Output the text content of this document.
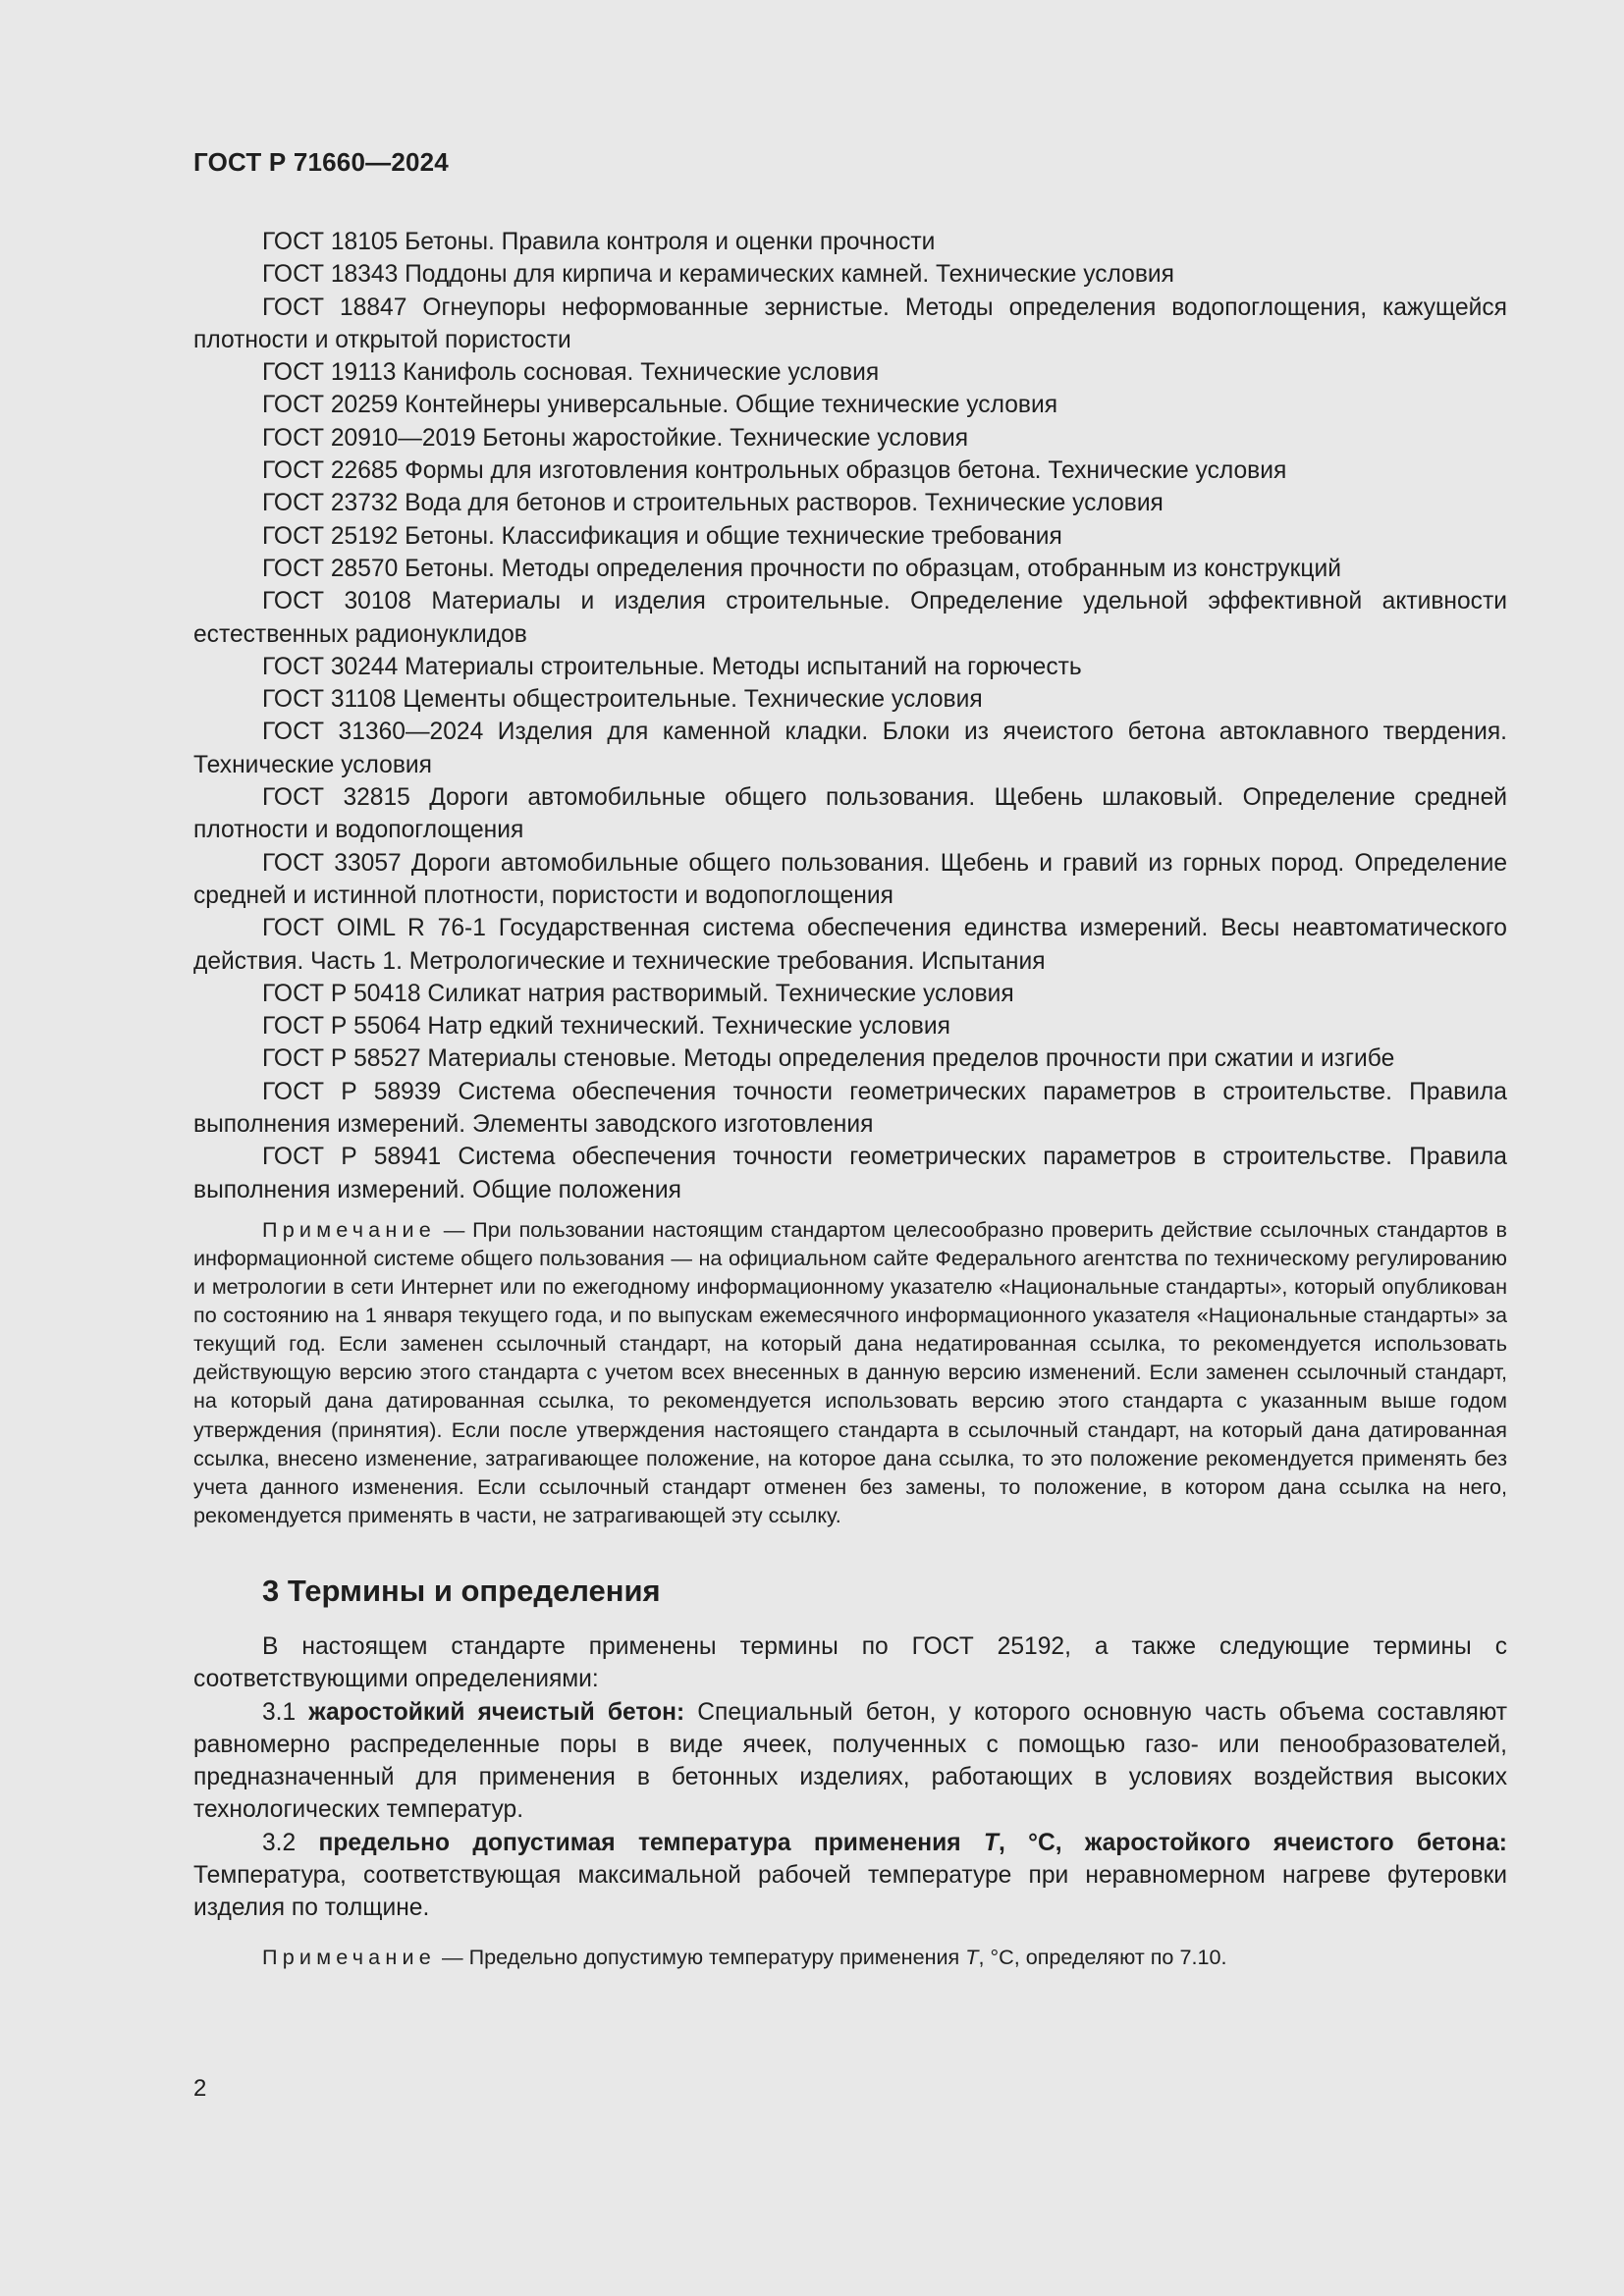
ГОСТ Р 71660—2024

ГОСТ 18105 Бетоны. Правила контроля и оценки прочности

ГОСТ 18343 Поддоны для кирпича и керамических камней. Технические условия

ГОСТ 18847 Огнеупоры неформованные зернистые. Методы определения водопоглощения, кажущейся плотности и открытой пористости

ГОСТ 19113 Канифоль сосновая. Технические условия

ГОСТ 20259 Контейнеры универсальные. Общие технические условия

ГОСТ 20910—2019 Бетоны жаростойкие. Технические условия

ГОСТ 22685 Формы для изготовления контрольных образцов бетона. Технические условия

ГОСТ 23732 Вода для бетонов и строительных растворов. Технические условия

ГОСТ 25192 Бетоны. Классификация и общие технические требования

ГОСТ 28570 Бетоны. Методы определения прочности по образцам, отобранным из конструкций

ГОСТ 30108 Материалы и изделия строительные. Определение удельной эффективной активности естественных радионуклидов

ГОСТ 30244 Материалы строительные. Методы испытаний на горючесть

ГОСТ 31108 Цементы общестроительные. Технические условия

ГОСТ 31360—2024 Изделия для каменной кладки. Блоки из ячеистого бетона автоклавного твердения. Технические условия

ГОСТ 32815 Дороги автомобильные общего пользования. Щебень шлаковый. Определение средней плотности и водопоглощения

ГОСТ 33057 Дороги автомобильные общего пользования. Щебень и гравий из горных пород. Определение средней и истинной плотности, пористости и водопоглощения

ГОСТ OIML R 76-1 Государственная система обеспечения единства измерений. Весы неавтоматического действия. Часть 1. Метрологические и технические требования. Испытания

ГОСТ Р 50418 Силикат натрия растворимый. Технические условия

ГОСТ Р 55064 Натр едкий технический. Технические условия

ГОСТ Р 58527 Материалы стеновые. Методы определения пределов прочности при сжатии и изгибе

ГОСТ Р 58939 Система обеспечения точности геометрических параметров в строительстве. Правила выполнения измерений. Элементы заводского изготовления

ГОСТ Р 58941 Система обеспечения точности геометрических параметров в строительстве. Правила выполнения измерений. Общие положения

Примечание — При пользовании настоящим стандартом целесообразно проверить действие ссылочных стандартов в информационной системе общего пользования — на официальном сайте Федерального агентства по техническому регулированию и метрологии в сети Интернет или по ежегодному информационному указателю «Национальные стандарты», который опубликован по состоянию на 1 января текущего года, и по выпускам ежемесячного информационного указателя «Национальные стандарты» за текущий год. Если заменен ссылочный стандарт, на который дана недатированная ссылка, то рекомендуется использовать действующую версию этого стандарта с учетом всех внесенных в данную версию изменений. Если заменен ссылочный стандарт, на который дана датированная ссылка, то рекомендуется использовать версию этого стандарта с указанным выше годом утверждения (принятия). Если после утверждения настоящего стандарта в ссылочный стандарт, на который дана датированная ссылка, внесено изменение, затрагивающее положение, на которое дана ссылка, то это положение рекомендуется применять без учета данного изменения. Если ссылочный стандарт отменен без замены, то положение, в котором дана ссылка на него, рекомендуется применять в части, не затрагивающей эту ссылку.

3 Термины и определения

В настоящем стандарте применены термины по ГОСТ 25192, а также следующие термины с соответствующими определениями:

3.1 жаростойкий ячеистый бетон: Специальный бетон, у которого основную часть объема составляют равномерно распределенные поры в виде ячеек, полученных с помощью газо- или пенообразователей, предназначенный для применения в бетонных изделиях, работающих в условиях воздействия высоких технологических температур.

3.2 предельно допустимая температура применения T, °С, жаростойкого ячеистого бетона: Температура, соответствующая максимальной рабочей температуре при неравномерном нагреве футеровки изделия по толщине.

Примечание — Предельно допустимую температуру применения T, °С, определяют по 7.10.

2
